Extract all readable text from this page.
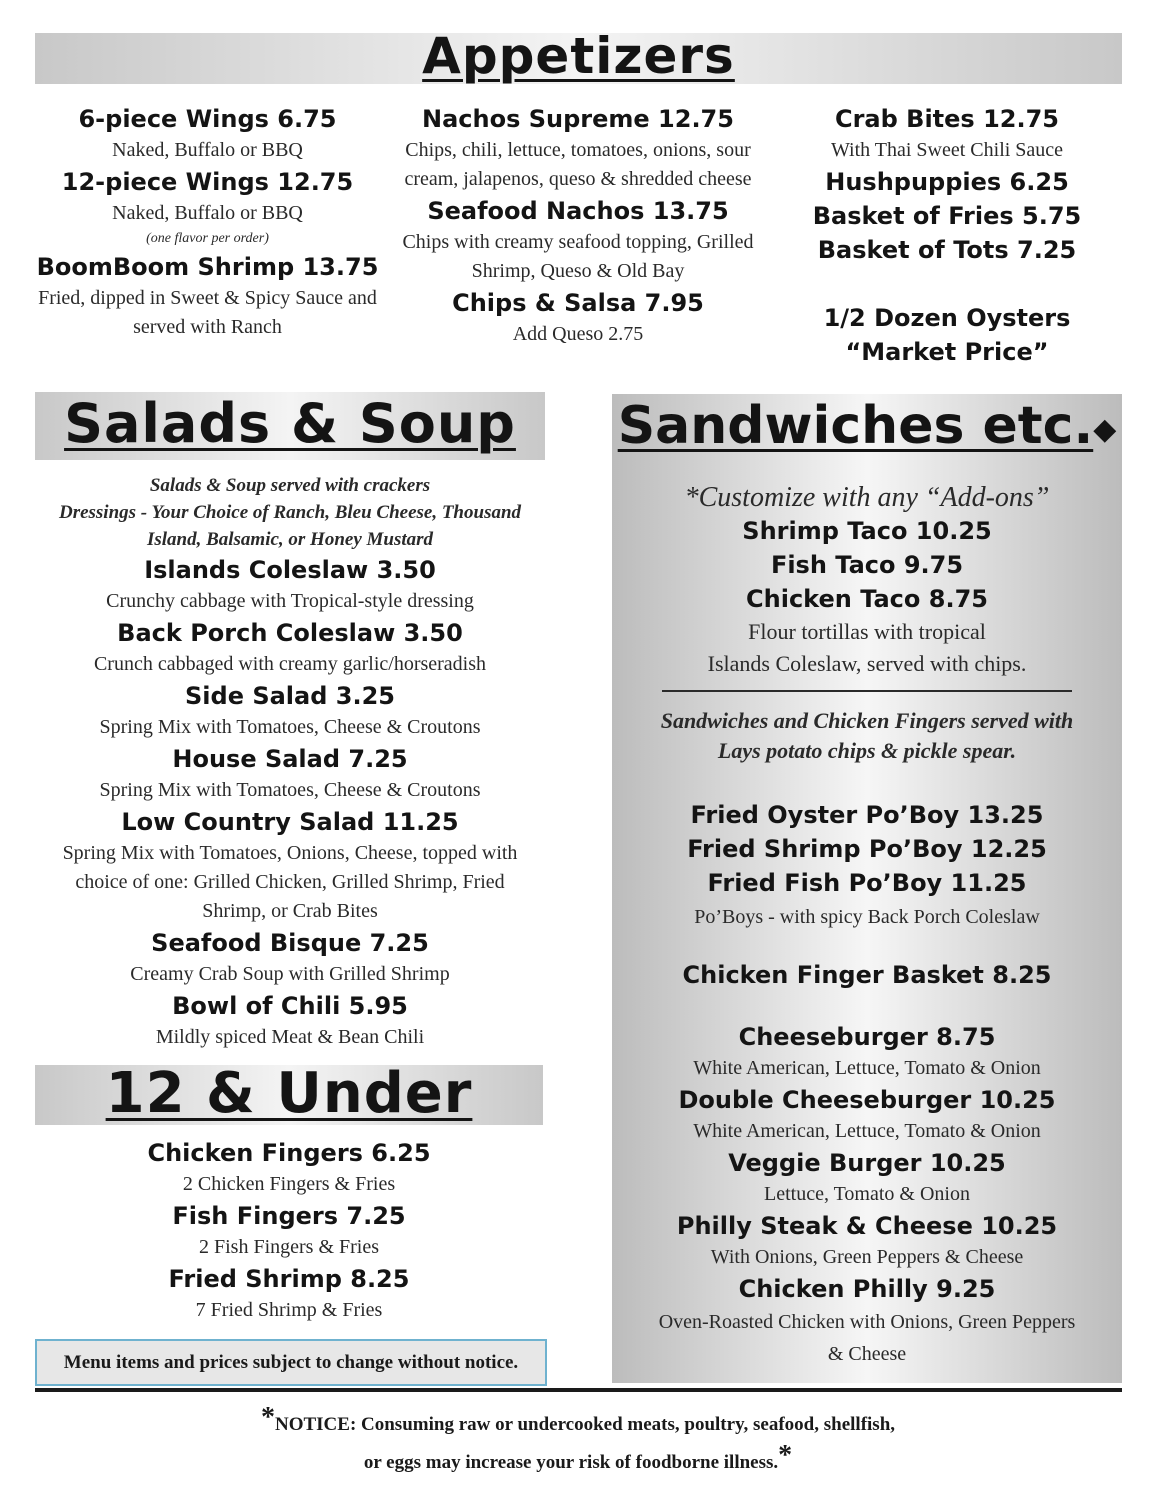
Appetizers
6-piece Wings 6.75
Naked, Buffalo or BBQ
12-piece Wings 12.75
Naked, Buffalo or BBQ
(one flavor per order)
BoomBoom Shrimp 13.75
Fried, dipped in Sweet & Spicy Sauce and served with Ranch
Nachos Supreme 12.75
Chips, chili, lettuce, tomatoes, onions, sour cream, jalapenos, queso & shredded cheese
Seafood Nachos 13.75
Chips with creamy seafood topping, Grilled Shrimp, Queso & Old Bay
Chips & Salsa 7.95
Add Queso 2.75
Crab Bites 12.75
With Thai Sweet Chili Sauce
Hushpuppies 6.25
Basket of Fries 5.75
Basket of Tots 7.25
1/2 Dozen Oysters
“Market Price”
Salads & Soup
Salads & Soup served with crackers
Dressings - Your Choice of Ranch, Bleu Cheese, Thousand
Island, Balsamic, or Honey Mustard
Islands Coleslaw 3.50
Crunchy cabbage with Tropical-style dressing
Back Porch Coleslaw 3.50
Crunch cabbaged with creamy garlic/horseradish
Side Salad 3.25
Spring Mix with Tomatoes, Cheese & Croutons
House Salad 7.25
Spring Mix with Tomatoes, Cheese & Croutons
Low Country Salad 11.25
Spring Mix with Tomatoes, Onions, Cheese, topped with choice of one: Grilled Chicken, Grilled Shrimp, Fried Shrimp, or Crab Bites
Seafood Bisque 7.25
Creamy Crab Soup with Grilled Shrimp
Bowl of Chili 5.95
Mildly spiced Meat & Bean Chili
12 & Under
Chicken Fingers 6.25
2 Chicken Fingers & Fries
Fish Fingers 7.25
2 Fish Fingers & Fries
Fried Shrimp 8.25
7 Fried Shrimp & Fries
Menu items and prices subject to change without notice.
Sandwiches etc.◆
*Customize with any “Add-ons”
Shrimp Taco 10.25
Fish Taco 9.75
Chicken Taco 8.75
Flour tortillas with tropical
Islands Coleslaw, served with chips.
Sandwiches and Chicken Fingers served with
Lays potato chips & pickle spear.
Fried Oyster Po’Boy 13.25
Fried Shrimp Po’Boy 12.25
Fried Fish Po’Boy 11.25
Po’Boys - with spicy Back Porch Coleslaw
Chicken Finger Basket 8.25
Cheeseburger 8.75
White American, Lettuce, Tomato & Onion
Double Cheeseburger 10.25
White American, Lettuce, Tomato & Onion
Veggie Burger 10.25
Lettuce, Tomato & Onion
Philly Steak & Cheese 10.25
With Onions, Green Peppers & Cheese
Chicken Philly 9.25
Oven-Roasted Chicken with Onions, Green Peppers & Cheese
*NOTICE: Consuming raw or undercooked meats, poultry, seafood, shellfish,
or eggs may increase your risk of foodborne illness.*
